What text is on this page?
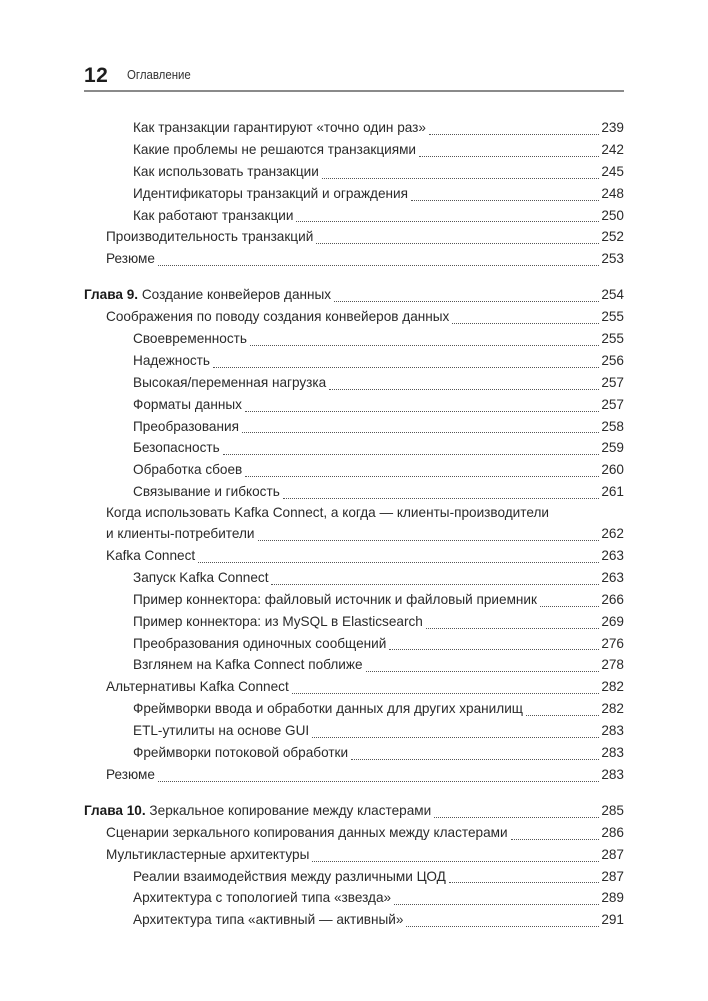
12 Оглавление
Как транзакции гарантируют «точно один раз»	239
Какие проблемы не решаются транзакциями	242
Как использовать транзакции	245
Идентификаторы транзакций и ограждения	248
Как работают транзакции	250
Производительность транзакций	252
Резюме	253
Глава 9. Создание конвейеров данных	254
Соображения по поводу создания конвейеров данных	255
Своевременность	255
Надежность	256
Высокая/переменная нагрузка	257
Форматы данных	257
Преобразования	258
Безопасность	259
Обработка сбоев	260
Связывание и гибкость	261
Когда использовать Kafka Connect, а когда — клиенты-производители
и клиенты-потребители	262
Kafka Connect	263
Запуск Kafka Connect	263
Пример коннектора: файловый источник и файловый приемник	266
Пример коннектора: из MySQL в Elasticsearch	269
Преобразования одиночных сообщений	276
Взглянем на Kafka Connect поближе	278
Альтернативы Kafka Connect	282
Фреймворки ввода и обработки данных для других хранилищ	282
ETL-утилиты на основе GUI	283
Фреймворки потоковой обработки	283
Резюме	283
Глава 10. Зеркальное копирование между кластерами	285
Сценарии зеркального копирования данных между кластерами	286
Мультикластерные архитектуры	287
Реалии взаимодействия между различными ЦОД	287
Архитектура с топологией типа «звезда»	289
Архитектура типа «активный — активный»	291
